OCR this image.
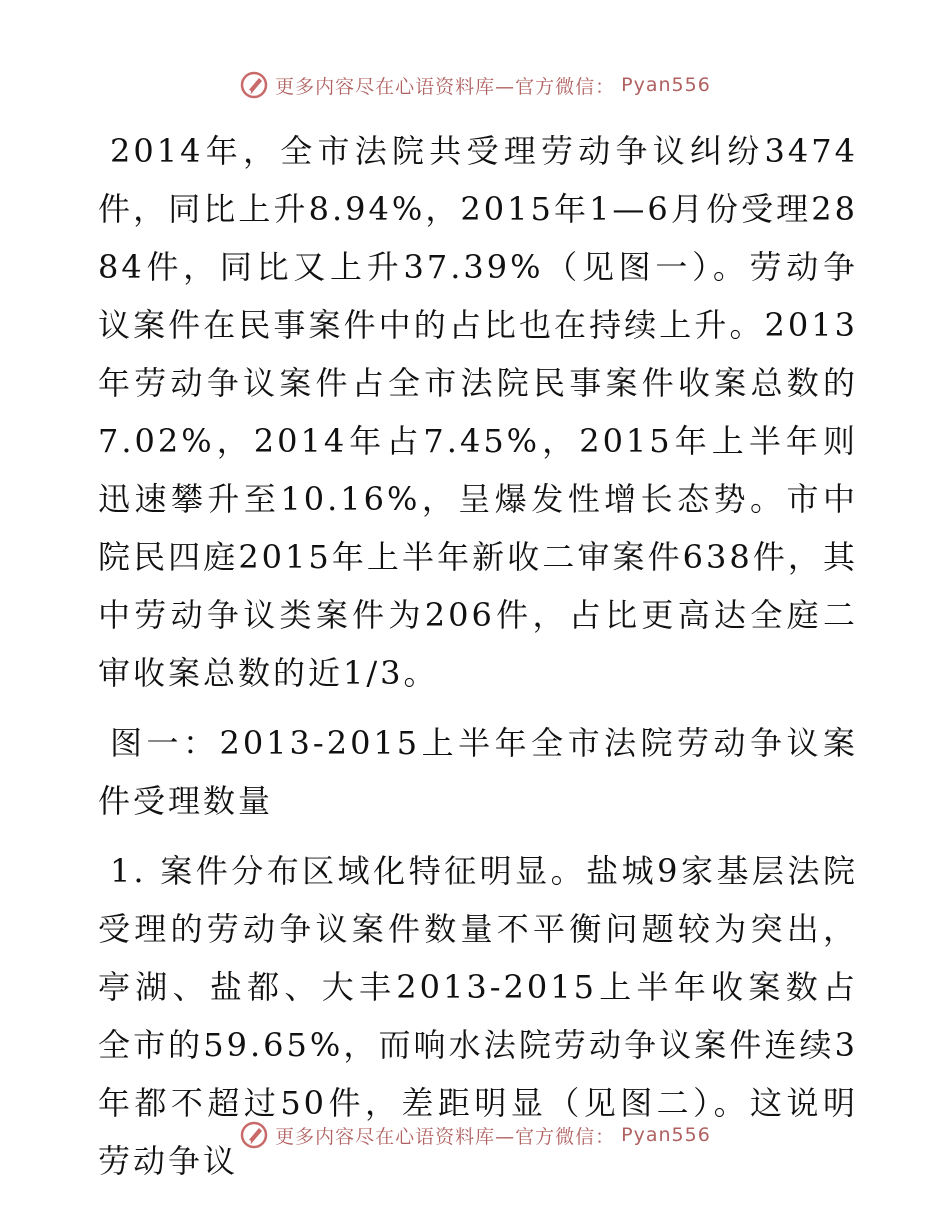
更多内容尽在心语资料库—官方微信： Pyan556

2014年，全市法院共受理劳动争议纠纷3474件，同比上升8.94%，2015年1—6月份受理2884件，同比又上升37.39%（见图一）。劳动争议案件在民事案件中的占比也在持续上升。2013年劳动争议案件占全市法院民事案件收案总数的7.02%，2014年占7.45%，2015年上半年则迅速攀升至10.16%，呈爆发性增长态势。市中院民四庭2015年上半年新收二审案件638件，其中劳动争议类案件为206件，占比更高达全庭二审收案总数的近1/3。

图一：2013-2015上半年全市法院劳动争议案件受理数量

1. 案件分布区域化特征明显。盐城9家基层法院受理的劳动争议案件数量不平衡问题较为突出，亭湖、盐都、大丰2013-2015上半年收案数占全市的59.65%，而响水法院劳动争议案件连续3年都不超过50件，差距明显（见图二）。这说明劳动争议

更多内容尽在心语资料库—官方微信： Pyan556
